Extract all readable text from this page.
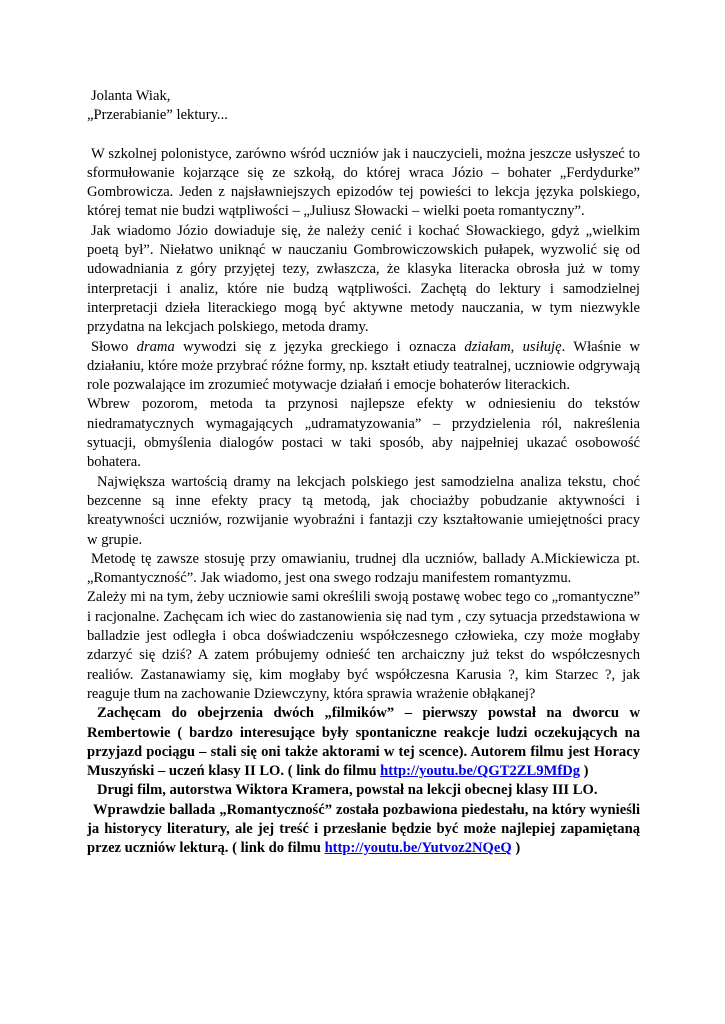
Jolanta Wiak,

„Przerabianie” lektury...

W szkolnej polonistyce, zarówno wśród uczniów jak i nauczycieli, można jeszcze usłyszeć to sformułowanie kojarzące się ze szkołą, do której wraca Józio – bohater „Ferdydurke” Gombrowicza. Jeden z najsławniejszych epizodów tej powieści to lekcja języka polskiego, której temat nie budzi wątpliwości – „Juliusz Słowacki – wielki poeta romantyczny”.

Jak wiadomo Józio dowiaduje się, że należy cenić i kochać Słowackiego, gdyż „wielkim poetą był”. Niełatwo uniknąć w nauczaniu Gombrowiczowskich pułapek, wyzwolić się od udowadniania z góry przyjętej tezy, zwłaszcza, że klasyka literacka obrosła już w tomy interpretacji i analiz, które nie budzą wątpliwości. Zachętą do lektury i samodzielnej interpretacji dzieła literackiego mogą być aktywne metody nauczania, w tym niezwykle przydatna na lekcjach polskiego, metoda dramy.

Słowo drama wywodzi się z języka greckiego i oznacza działam, usiłuję. Właśnie w działaniu, które może przybrać różne formy, np. kształt etiudy teatralnej, uczniowie odgrywają role pozwalające im zrozumieć motywacje działań i emocje bohaterów literackich.

Wbrew pozorom, metoda ta przynosi najlepsze efekty w odniesieniu do tekstów niedramatycznych wymagających „udramatyzowania” – przydzielenia ról, nakreślenia sytuacji, obmyślenia dialogów postaci w taki sposób, aby najpełniej ukazać osobowość bohatera.

Największa wartością dramy na lekcjach polskiego jest samodzielna analiza tekstu, choć bezcenne są inne efekty pracy tą metodą, jak chociażby pobudzanie aktywności i kreatywności uczniów, rozwijanie wyobraźni i fantazji czy kształtowanie umiejętności pracy w grupie.

Metodę tę zawsze stosuję przy omawianiu, trudnej dla uczniów, ballady A.Mickiewicza pt. „Romantyczność”. Jak wiadomo, jest ona swego rodzaju manifestem romantyzmu.

Zależy mi na tym, żeby uczniowie sami określili swoją postawę wobec tego co „romantyczne” i racjonalne. Zachęcam ich wiec do zastanowienia się nad tym , czy sytuacja przedstawiona w balladzie jest odległa i obca doświadczeniu współczesnego człowieka, czy może mogłaby zdarzyć się dziś? A zatem próbujemy odnieść ten archaiczny już tekst do współczesnych realiów. Zastanawiamy się, kim mogłaby być współczesna Karusia ?, kim Starzec ?, jak reaguje tłum na zachowanie Dziewczyny, która sprawia wrażenie obłąkanej?

Zachęcam do obejrzenia dwóch „filmików” – pierwszy powstał na dworcu w Rembertowie ( bardzo interesujące były spontaniczne reakcje ludzi oczekujących na przyjazd pociągu – stali się oni także aktorami w tej scence). Autorem filmu jest Horacy Muszyński – uczeń klasy II LO. ( link do filmu http://youtu.be/QGT2ZL9MfDg )

Drugi film, autorstwa Wiktora Kramera, powstał na lekcji obecnej klasy III LO.

Wprawdzie ballada „Romantyczność” została pozbawiona piedestału, na który wynieśli ja historycy literatury, ale jej treść i przesłanie będzie być może najlepiej zapamiętaną przez uczniów lekturą. ( link do filmu http://youtu.be/Yutvoz2NQeQ )
